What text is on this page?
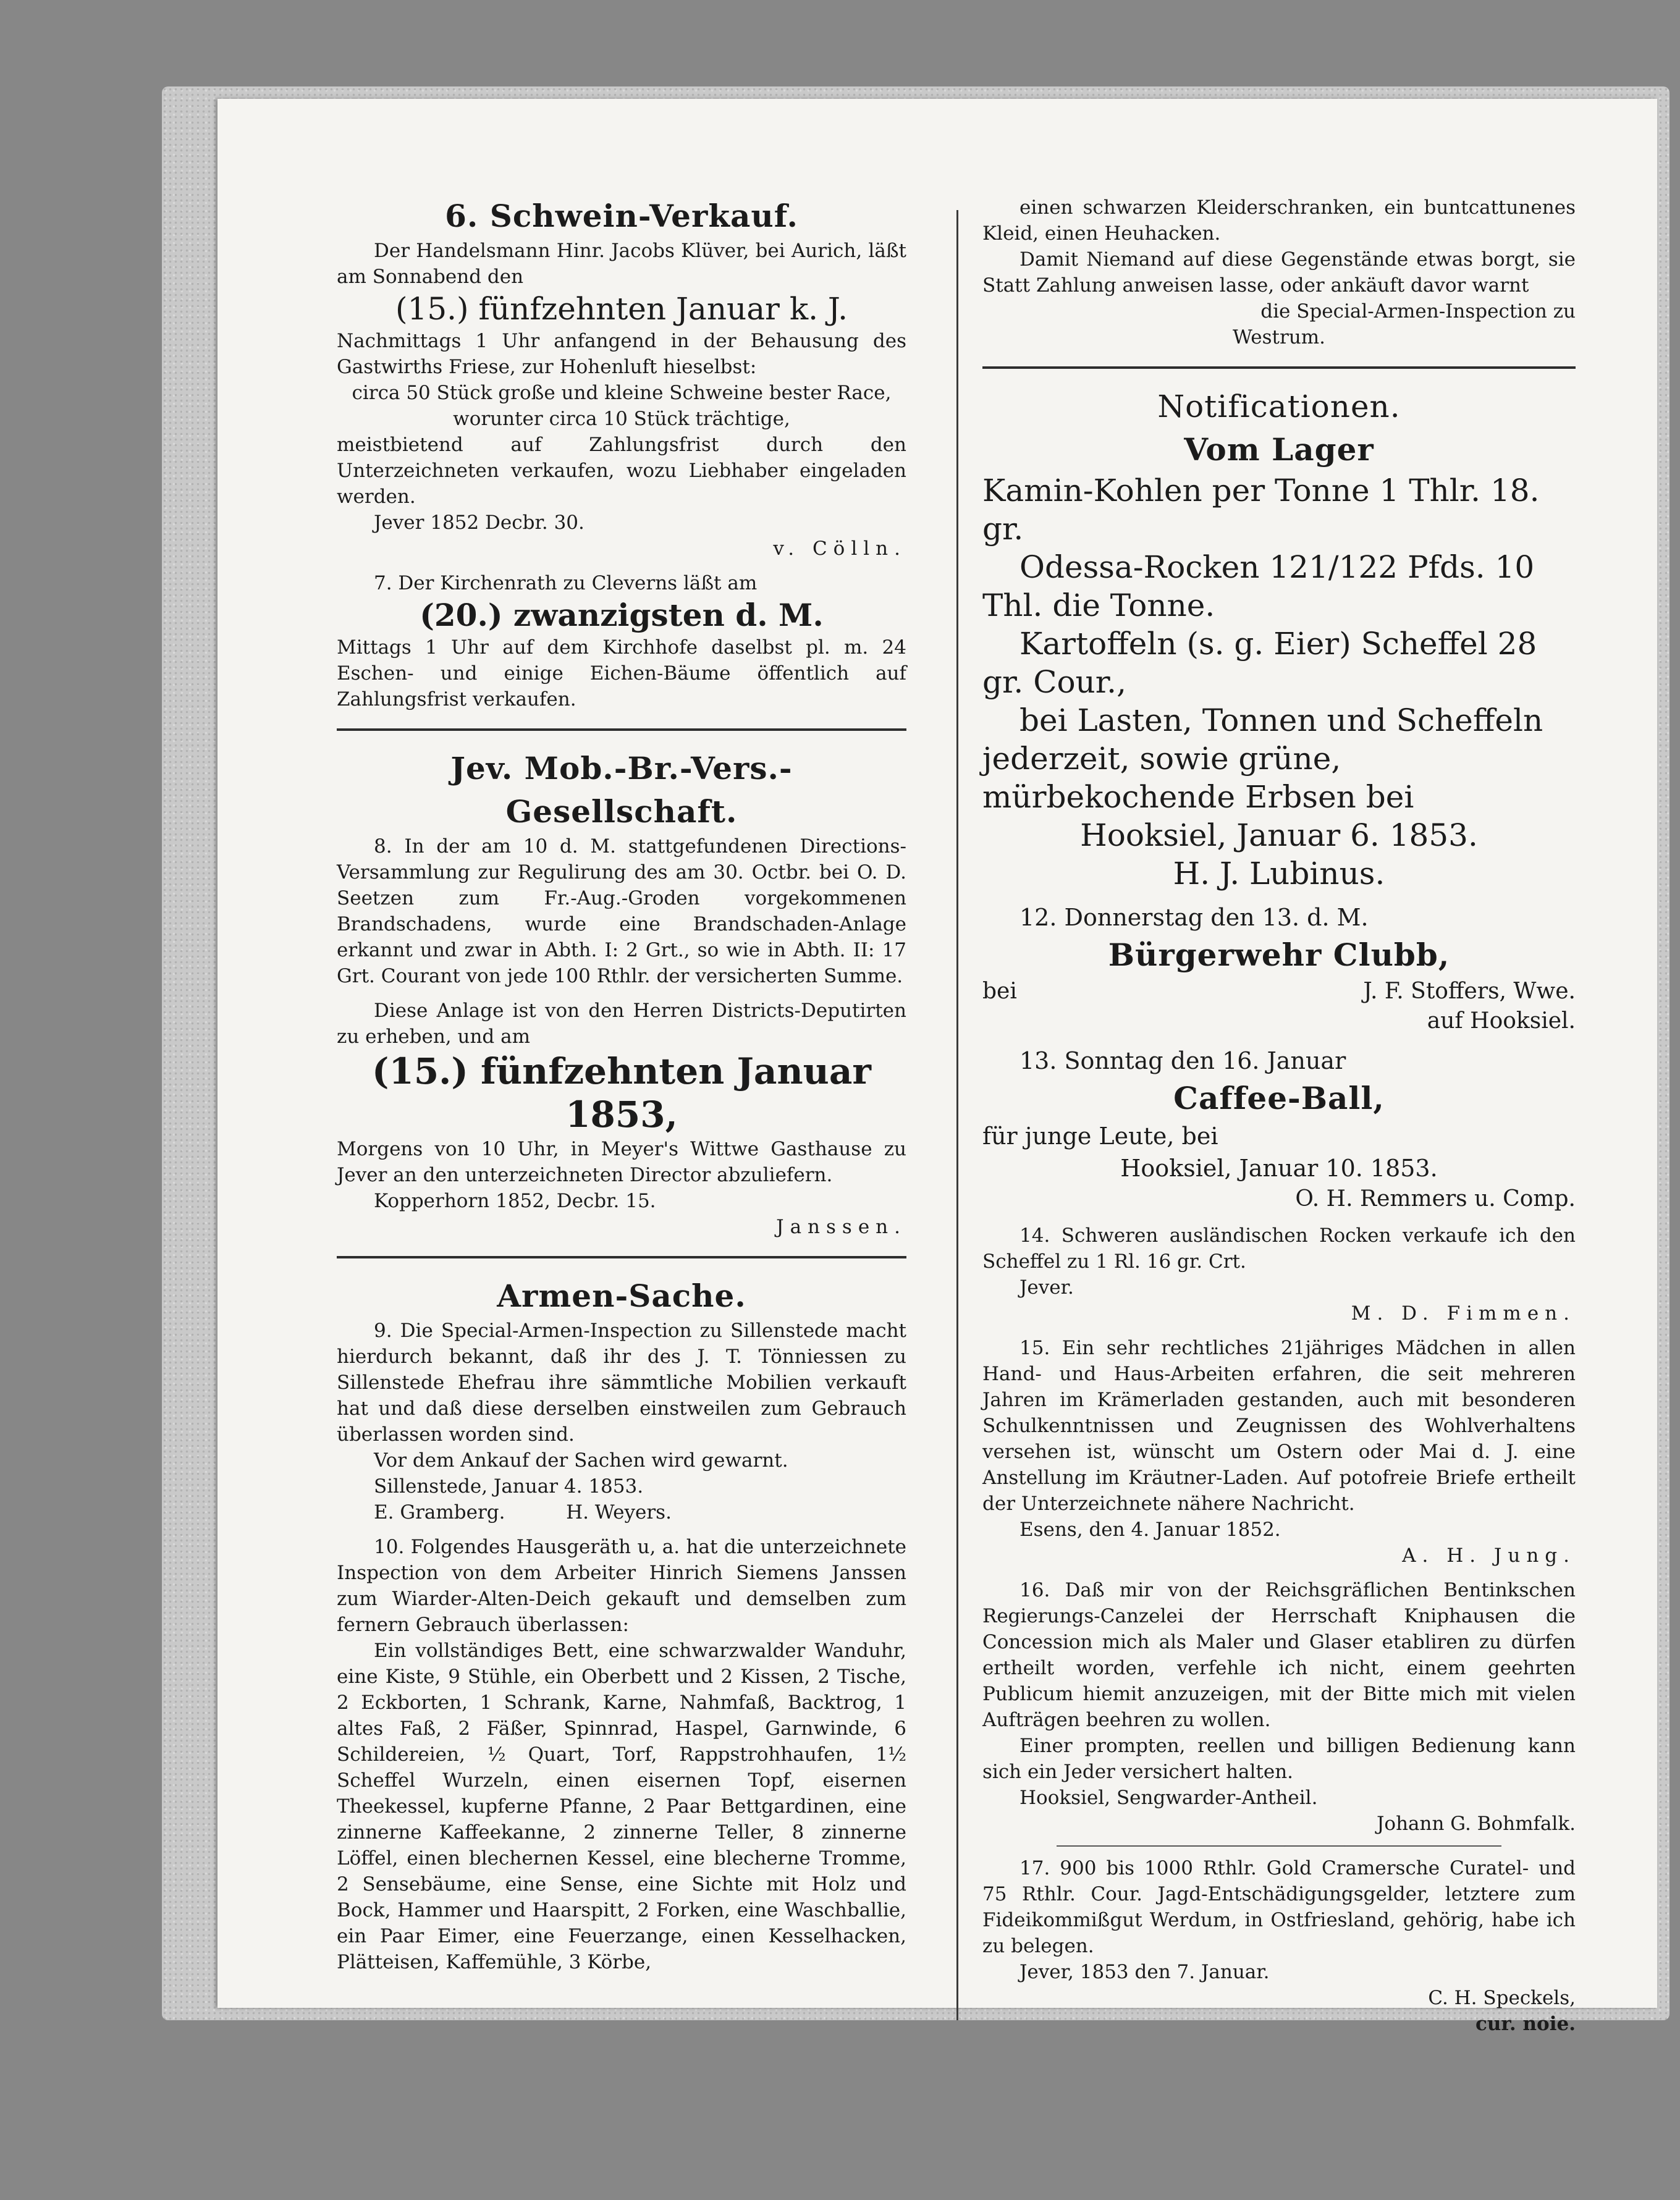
6. Schwein-Verkauf.

Der Handelsmann Hinr. Jacobs Klüver, bei Aurich, läßt am Sonnabend den

(15.) fünfzehnten Januar k. J.

Nachmittags 1 Uhr anfangend in der Behausung des Gastwirths Friese, zur Hohenluft hieselbst:

circa 50 Stück große und kleine Schweine bester Race, worunter circa 10 Stück trächtige,

meistbietend auf Zahlungsfrist durch den Unterzeichneten verkaufen, wozu Liebhaber eingeladen werden.

Jever 1852 Decbr. 30.

v. Cölln.

7. Der Kirchenrath zu Cleverns läßt am

(20.) zwanzigsten d. M.

Mittags 1 Uhr auf dem Kirchhofe daselbst pl. m. 24 Eschen- und einige Eichen-Bäume öffentlich auf Zahlungsfrist verkaufen.

Jev. Mob.-Br.-Vers.-Gesellschaft.

8. In der am 10 d. M. stattgefundenen Directions-Versammlung zur Regulirung des am 30. Octbr. bei O. D. Seetzen zum Fr.-Aug.-Groden vorgekommenen Brandschadens, wurde eine Brandschaden-Anlage erkannt und zwar in Abth. I: 2 Grt., so wie in Abth. II: 17 Grt. Courant von jede 100 Rthlr. der versicherten Summe.

Diese Anlage ist von den Herren Districts-Deputirten zu erheben, und am

(15.) fünfzehnten Januar 1853,

Morgens von 10 Uhr, in Meyer's Wittwe Gasthause zu Jever an den unterzeichneten Director abzuliefern.

Kopperhorn 1852, Decbr. 15.

Janssen.

Armen-Sache.

9. Die Special-Armen-Inspection zu Sillenstede macht hierdurch bekannt, daß ihr des J. T. Tönniessen zu Sillenstede Ehefrau ihre sämmtliche Mobilien verkauft hat und daß diese derselben einstweilen zum Gebrauch überlassen worden sind.

Vor dem Ankauf der Sachen wird gewarnt.

Sillenstede, Januar 4. 1853.

E. Gramberg.	H. Weyers.

10. Folgendes Hausgeräth u, a. hat die unterzeichnete Inspection von dem Arbeiter Hinrich Siemens Janssen zum Wiarder-Alten-Deich gekauft und demselben zum fernern Gebrauch überlassen:

Ein vollständiges Bett, eine schwarzwalder Wanduhr, eine Kiste, 9 Stühle, ein Oberbett und 2 Kissen, 2 Tische, 2 Eckborten, 1 Schrank, Karne, Nahmfaß, Backtrog, 1 altes Faß, 2 Fäßer, Spinnrad, Haspel, Garnwinde, 6 Schildereien, ½ Quart, Torf, Rappstrohhaufen, 1½ Scheffel Wurzeln, einen eisernen Topf, eisernen Theekessel, kupferne Pfanne, 2 Paar Bettgardinen, eine zinnerne Kaffeekanne, 2 zinnerne Teller, 8 zinnerne Löffel, einen blechernen Kessel, eine blecherne Tromme, 2 Sensebäume, eine Sense, eine Sichte mit Holz und Bock, Hammer und Haarspitt, 2 Forken, eine Waschballie, ein Paar Eimer, eine Feuerzange, einen Kesselhacken, Plätteisen, Kaffemühle, 3 Körbe,

einen schwarzen Kleiderschranken, ein buntcattunenes Kleid, einen Heuhacken.

Damit Niemand auf diese Gegenstände etwas borgt, sie Statt Zahlung anweisen lasse, oder ankäuft davor warnt

die Special-Armen-Inspection zu

Westrum.

Notificationen.

Vom Lager

Kamin-Kohlen per Tonne 1 Thlr. 18. gr.

Odessa-Rocken 121/122 Pfds. 10 Thl. die Tonne.

Kartoffeln (s. g. Eier) Scheffel 28 gr. Cour.,

bei Lasten, Tonnen und Scheffeln jederzeit, sowie grüne, mürbekochende Erbsen bei

Hooksiel, Januar 6. 1853.

H. J. Lubinus.

12. Donnerstag den 13. d. M.

Bürgerwehr Clubb,

bei	J. F. Stoffers, Wwe.

auf Hooksiel.

13. Sonntag den 16. Januar

Caffee-Ball,

für junge Leute, bei

Hooksiel, Januar 10. 1853.

O. H. Remmers u. Comp.

14. Schweren ausländischen Rocken verkaufe ich den Scheffel zu 1 Rl. 16 gr. Crt.

Jever.

M. D. Fimmen.

15. Ein sehr rechtliches 21jähriges Mädchen in allen Hand- und Haus-Arbeiten erfahren, die seit mehreren Jahren im Krämerladen gestanden, auch mit besonderen Schulkenntnissen und Zeugnissen des Wohlverhaltens versehen ist, wünscht um Ostern oder Mai d. J. eine Anstellung im Kräutner-Laden. Auf potofreie Briefe ertheilt der Unterzeichnete nähere Nachricht.

Esens, den 4. Januar 1852.

A. H. Jung.

16. Daß mir von der Reichsgräflichen Bentinkschen Regierungs-Canzelei der Herrschaft Kniphausen die Concession mich als Maler und Glaser etabliren zu dürfen ertheilt worden, verfehle ich nicht, einem geehrten Publicum hiemit anzuzeigen, mit der Bitte mich mit vielen Aufträgen beehren zu wollen.

Einer prompten, reellen und billigen Bedienung kann sich ein Jeder versichert halten.

Hooksiel, Sengwarder-Antheil.

Johann G. Bohmfalk.

17. 900 bis 1000 Rthlr. Gold Cramersche Curatel- und 75 Rthlr. Cour. Jagd-Entschädigungsgelder, letztere zum Fideikommißgut Werdum, in Ostfriesland, gehörig, habe ich zu belegen.

Jever, 1853 den 7. Januar.

C. H. Speckels,

cur. noie.
